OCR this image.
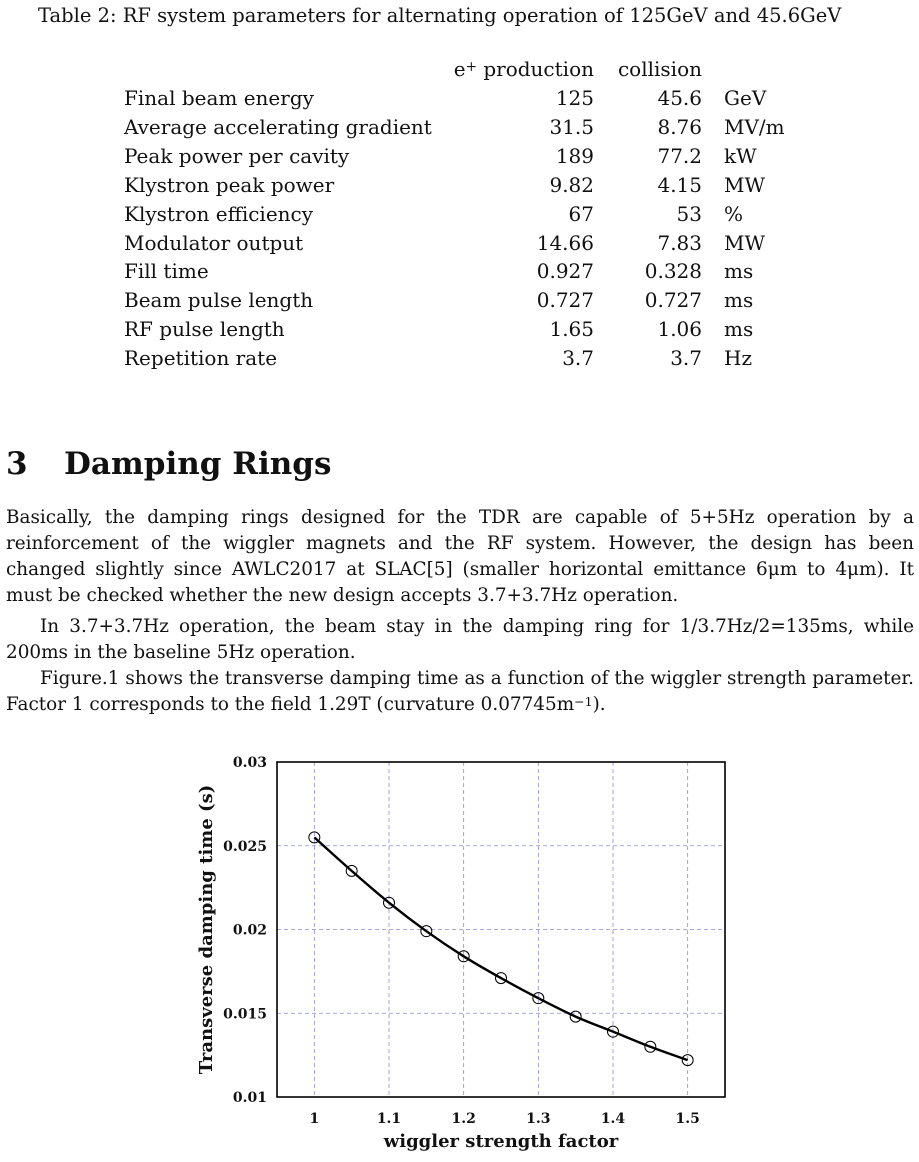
Table 2: RF system parameters for alternating operation of 125GeV and 45.6GeV
	e+ production	collision	
Final beam energy	125	45.6	GeV
Average accelerating gradient	31.5	8.76	MV/m
Peak power per cavity	189	77.2	kW
Klystron peak power	9.82	4.15	MW
Klystron efficiency	67	53	%
Modulator output	14.66	7.83	MW
Fill time	0.927	0.328	ms
Beam pulse length	0.727	0.727	ms
RF pulse length	1.65	1.06	ms
Repetition rate	3.7	3.7	Hz
3 Damping Rings

Basically, the damping rings designed for the TDR are capable of 5+5Hz operation by a reinforcement of the wiggler magnets and the RF system. However, the design has been changed slightly since AWLC2017 at SLAC[5] (smaller horizontal emittance 6μm to 4μm). It must be checked whether the new design accepts 3.7+3.7Hz operation.

In 3.7+3.7Hz operation, the beam stay in the damping ring for 1/3.7Hz/2=135ms, while 200ms in the baseline 5Hz operation.

Figure.1 shows the transverse damping time as a function of the wiggler strength parameter. Factor 1 corresponds to the field 1.29T (curvature $0.07745m^{-1}$).

1	1.1	1.2	1.3	1.4	1.5
0.01
0.015
0.02
0.025
0.03
wiggler strength factor
Transverse damping time (s)
